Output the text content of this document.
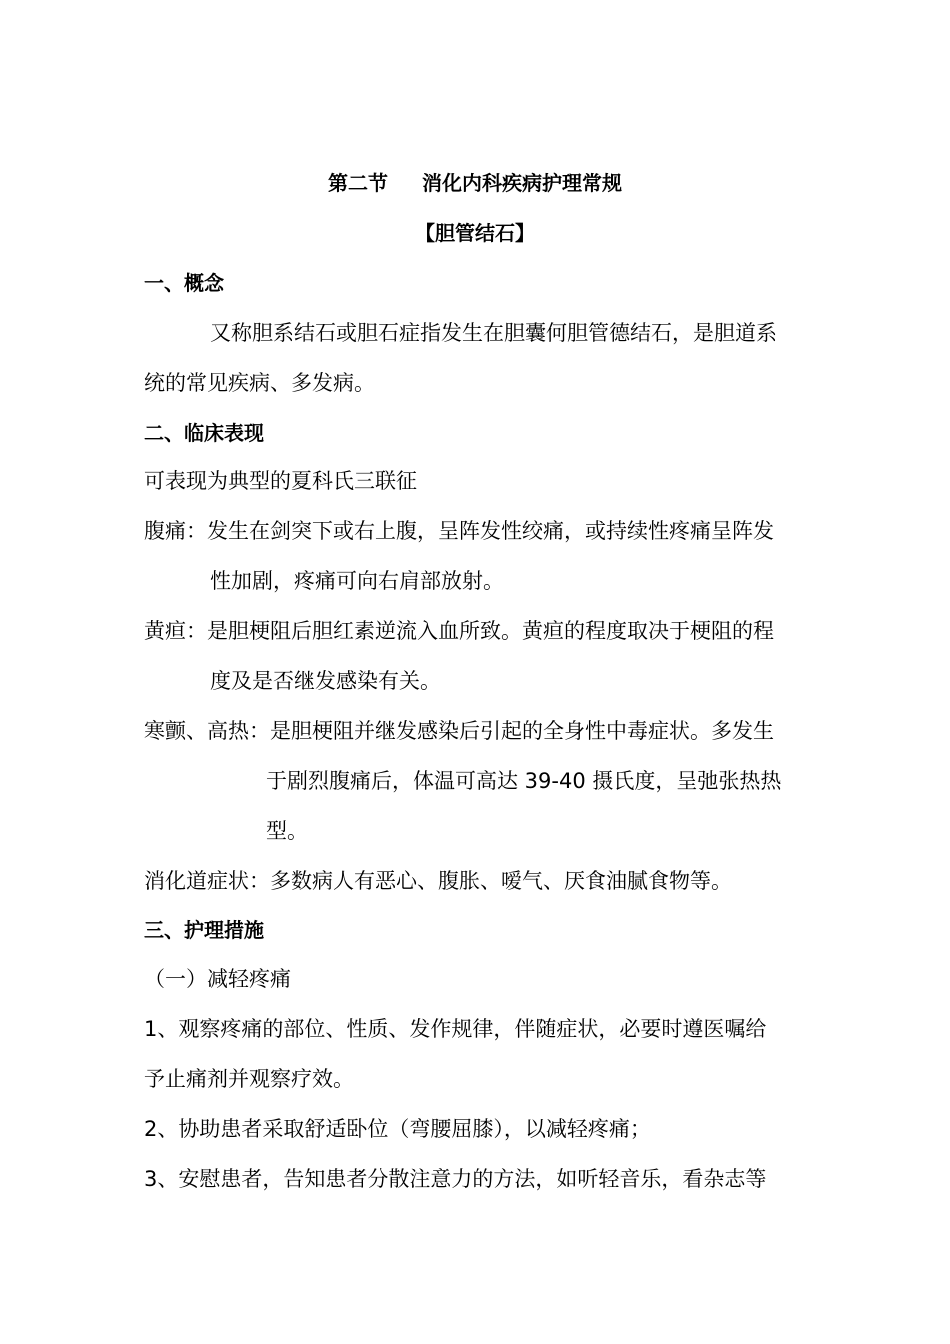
第二节 消化内科疾病护理常规
【胆管结石】
一、概念
又称胆系结石或胆石症指发生在胆囊何胆管德结石，是胆道系
统的常见疾病、多发病。
二、临床表现
可表现为典型的夏科氏三联征
腹痛：发生在剑突下或右上腹，呈阵发性绞痛，或持续性疼痛呈阵发
性加剧，疼痛可向右肩部放射。
黄疸：是胆梗阻后胆红素逆流入血所致。黄疸的程度取决于梗阻的程
度及是否继发感染有关。
寒颤、高热：是胆梗阻并继发感染后引起的全身性中毒症状。多发生
于剧烈腹痛后，体温可高达 39-40 摄氏度，呈弛张热热
型。
消化道症状：多数病人有恶心、腹胀、嗳气、厌食油腻食物等。
三、护理措施
（一）减轻疼痛
1、观察疼痛的部位、性质、发作规律，伴随症状，必要时遵医嘱给
予止痛剂并观察疗效。
2、协助患者采取舒适卧位（弯腰屈膝），以减轻疼痛；
3、安慰患者，告知患者分散注意力的方法，如听轻音乐，看杂志等
